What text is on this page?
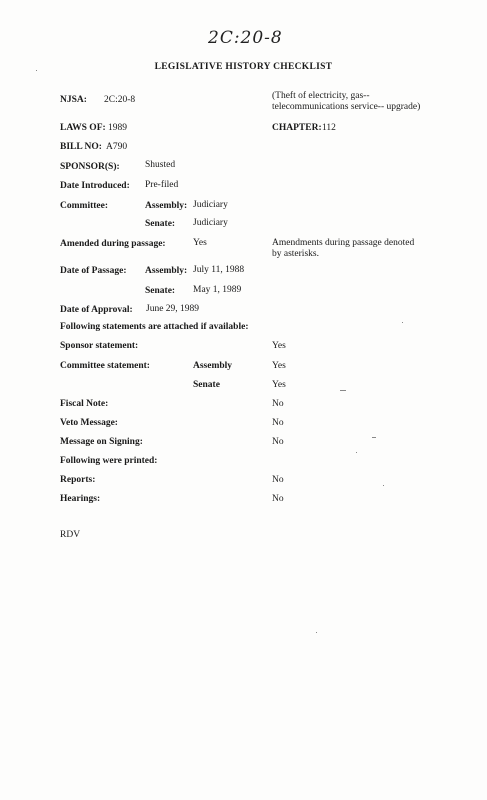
2C:20-8
LEGISLATIVE HISTORY CHECKLIST
NJSA: 2C:20-8	(Theft of electricity, gas--
telecommunications service-- upgrade)
LAWS OF: 1989	CHAPTER: 112
BILL NO: A790
SPONSOR(S):	Shusted
Date Introduced: Pre-filed
Committee:	Assembly: Judiciary
Senate: Judiciary
Amended during passage:	Yes	Amendments during passage denoted
by asterisks.
Date of Passage: Assembly: July 11, 1988
Senate: May 1, 1989
Date of Approval: June 29, 1989
Following statements are attached if available:
Sponsor statement:	Yes
Committee statement:	Assembly	Yes
Senate	Yes
Fiscal Note:	No
Veto Message:	No
Message on Signing:	No
Following were printed:
Reports:	No
Hearings:	No
RDV
